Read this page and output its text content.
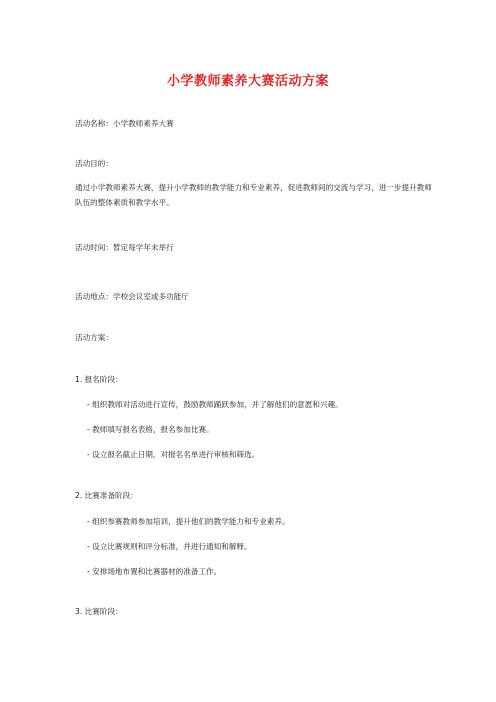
小学教师素养大赛活动方案
活动名称：小学教师素养大赛
活动目的：
通过小学教师素养大赛，提升小学教师的教学能力和专业素养，促进教师间的交流与学习，进一步提升教师队伍的整体素质和教学水平。
活动时间：暂定每学年末举行
活动地点：学校会议室或多功能厅
活动方案：
1. 报名阶段：
- 组织教师对活动进行宣传，鼓励教师踊跃参加，并了解他们的意愿和兴趣。
- 教师填写报名表格，报名参加比赛。
- 设立报名截止日期，对报名名单进行审核和筛选。
2. 比赛准备阶段：
- 组织参赛教师参加培训，提升他们的教学能力和专业素养。
- 设立比赛规则和评分标准，并进行通知和解释。
- 安排场地布置和比赛器材的准备工作。
3. 比赛阶段：
